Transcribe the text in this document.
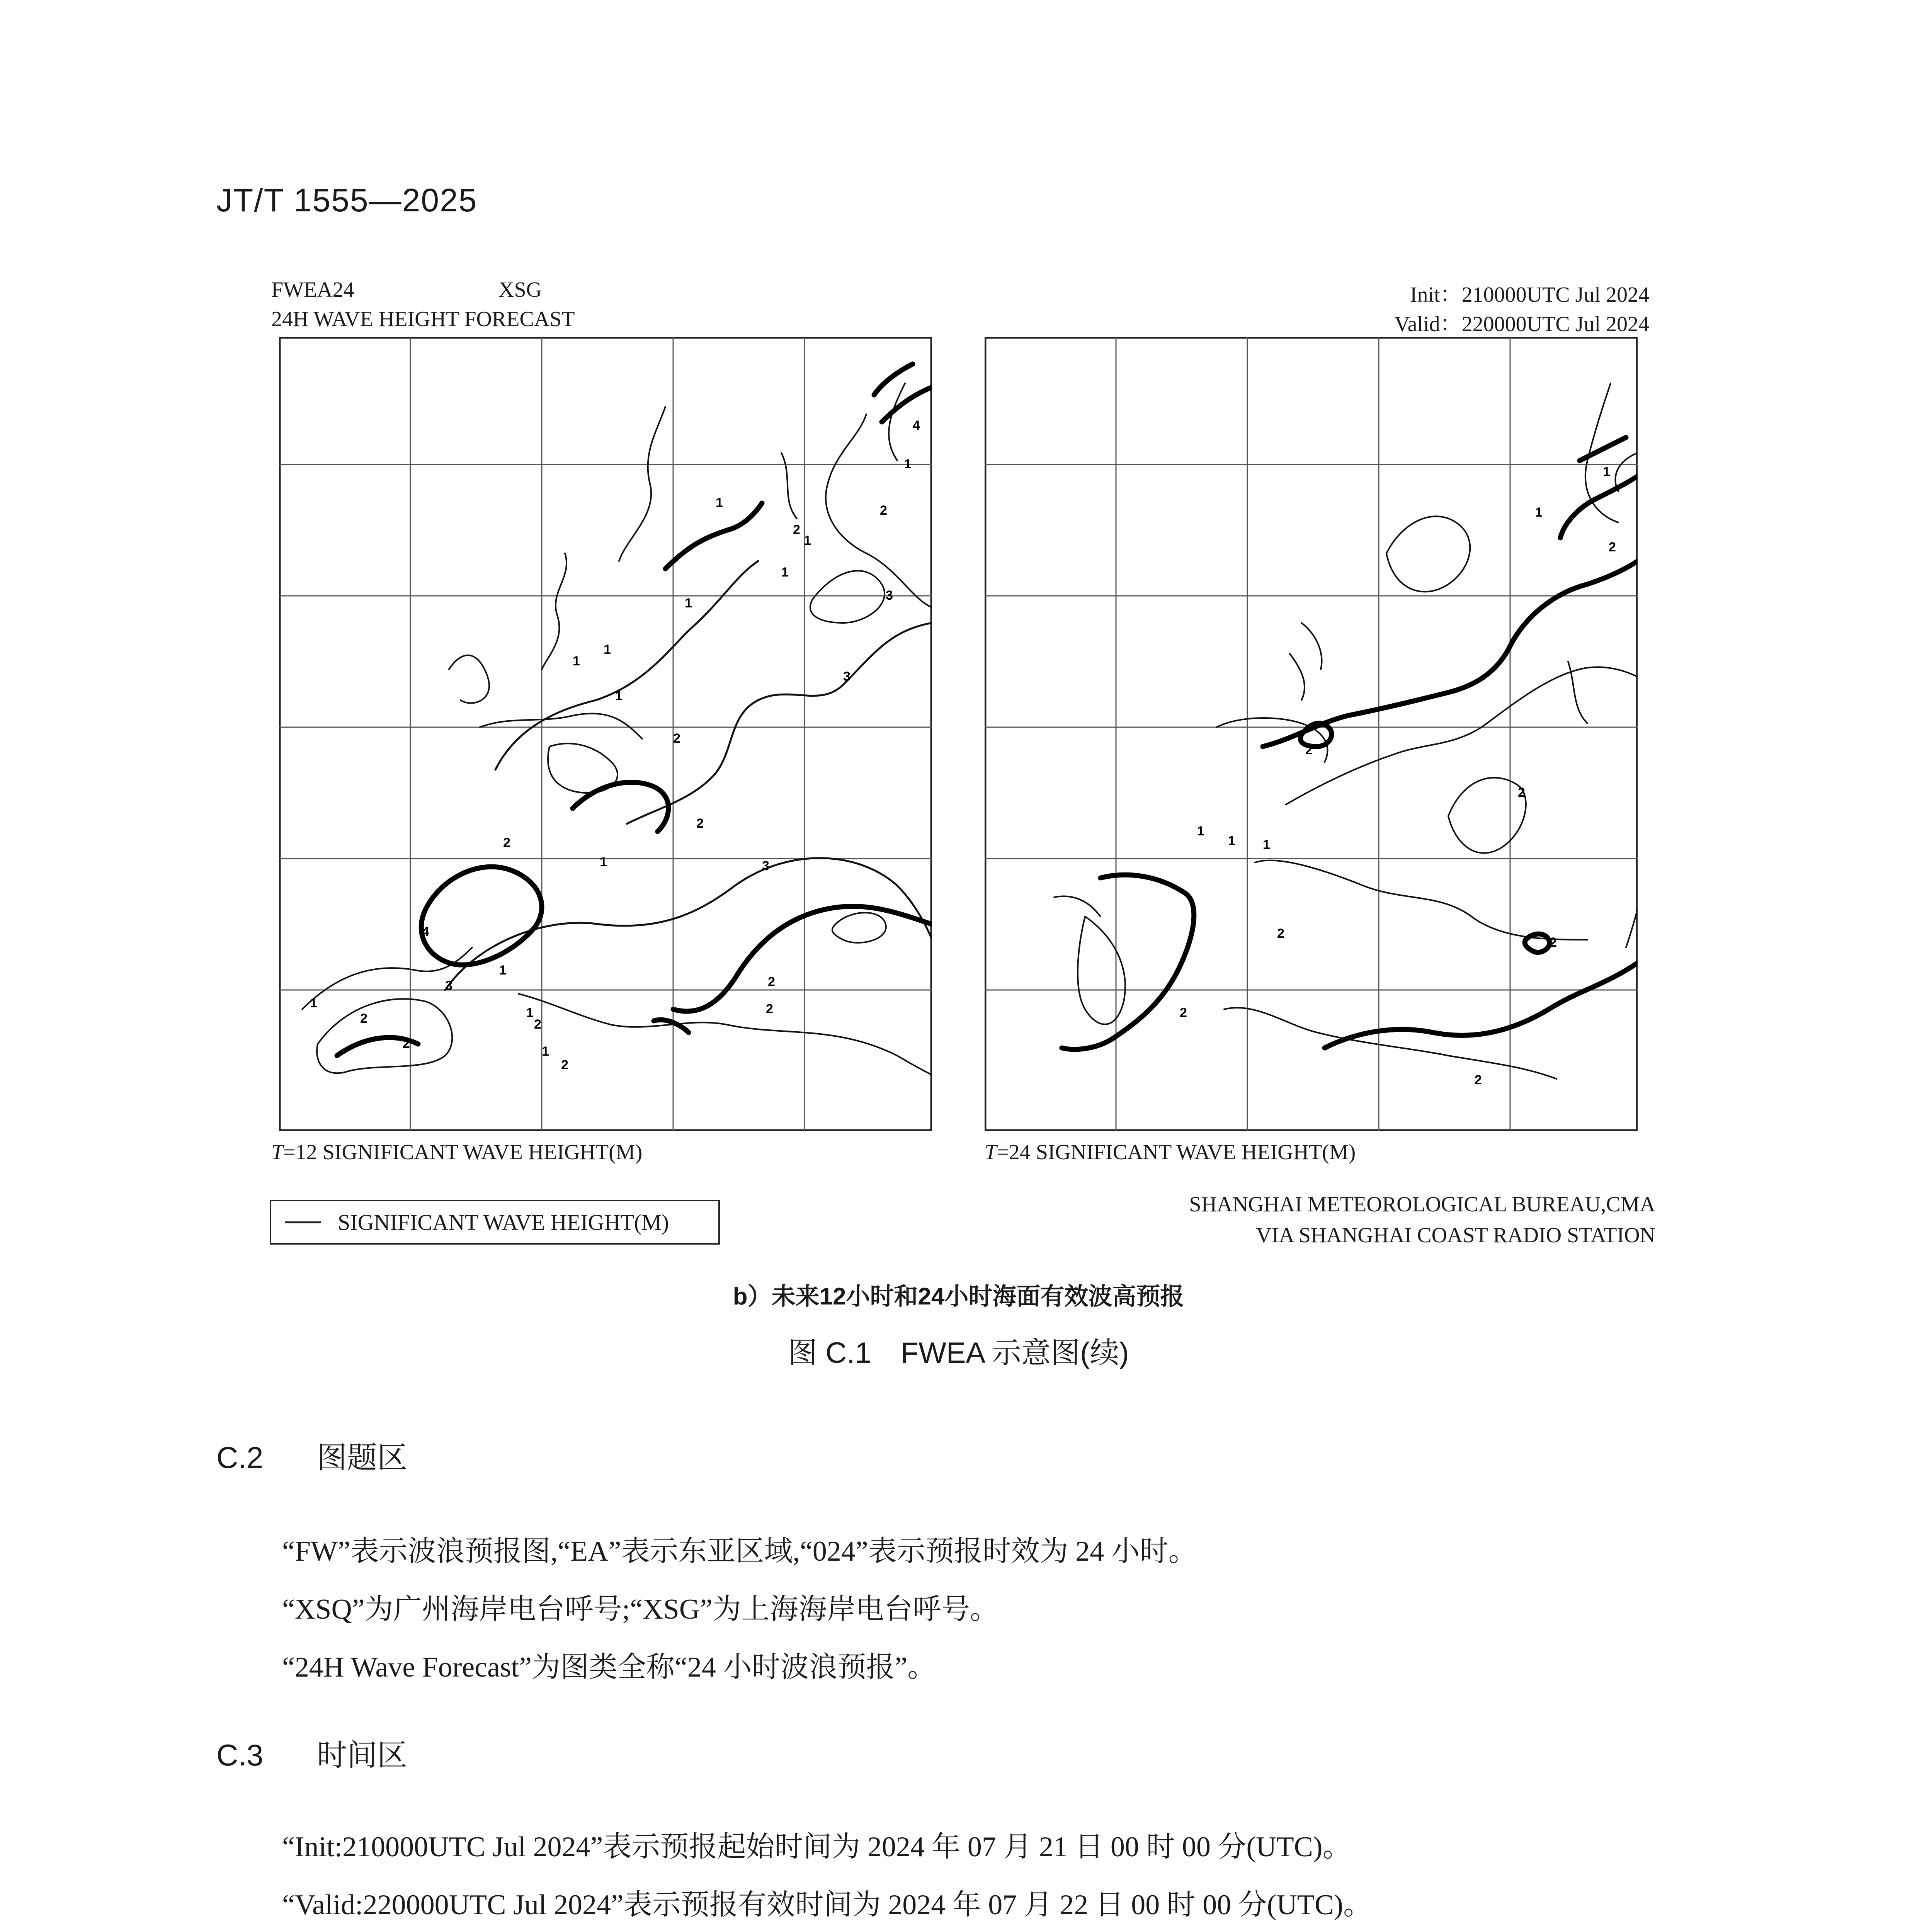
JT/T 1555—2025
FWEA24	XSG
24H WAVE HEIGHT FORECAST
Init：210000UTC Jul 2024
Valid：220000UTC Jul 2024
4
1
2
2
1
3
1
1
1
2
3
2
3
1
2
4
3
1
2
2
2
1
2
2
1
1
1
1
1
2
1
1
2
2
2
1
1
2
2
2
2
1
T=12 SIGNIFICANT WAVE HEIGHT(M)	T=24 SIGNIFICANT WAVE HEIGHT(M)
SIGNIFICANT WAVE HEIGHT(M)
SHANGHAI METEOROLOGICAL BUREAU,CMA
VIA SHANGHAI COAST RADIO STATION
b）未来12小时和24小时海面有效波高预报
图 C.1　FWEA 示意图(续)
C.2 图题区
“FW”表示波浪预报图,“EA”表示东亚区域,“024”表示预报时效为 24 小时。
“XSQ”为广州海岸电台呼号;“XSG”为上海海岸电台呼号。
“24H Wave Forecast”为图类全称“24 小时波浪预报”。
C.3 时间区
“Init:210000UTC Jul 2024”表示预报起始时间为 2024 年 07 月 21 日 00 时 00 分(UTC)。
“Valid:220000UTC Jul 2024”表示预报有效时间为 2024 年 07 月 22 日 00 时 00 分(UTC)。
